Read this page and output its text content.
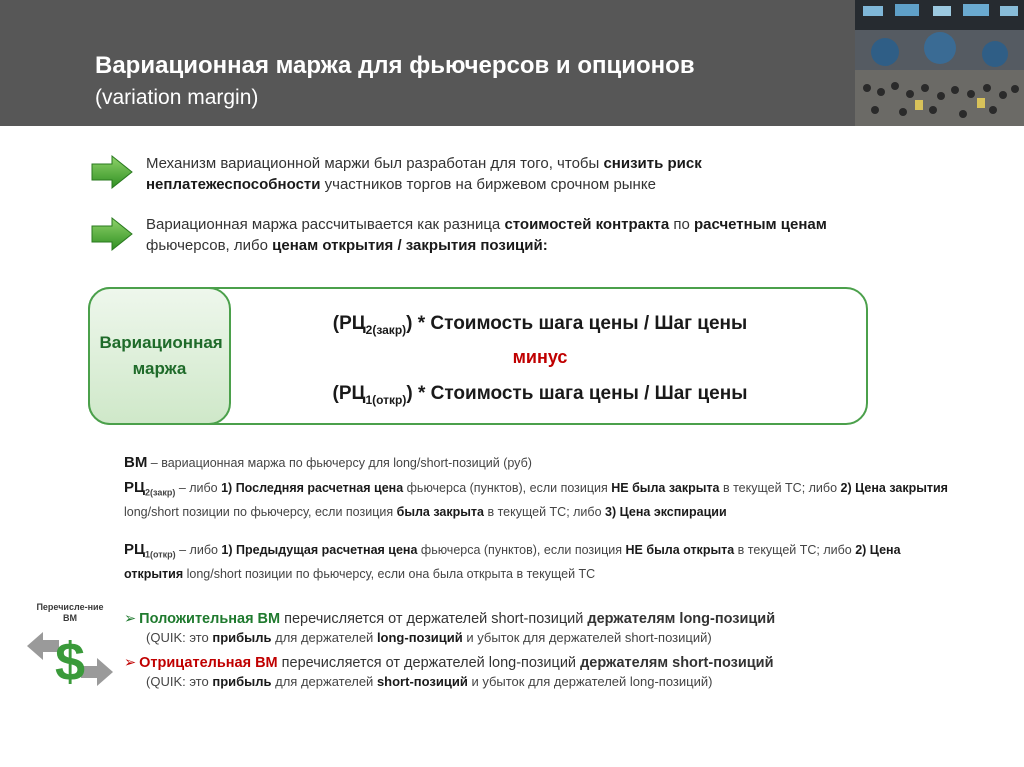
Вариационная маржа для фьючерсов и опционов
(variation margin)
Механизм вариационной маржи был разработан для того, чтобы снизить риск неплатежеспособности участников торгов на биржевом срочном рынке
Вариационная маржа рассчитывается как разница стоимостей контракта по расчетным ценам фьючерсов, либо ценам открытия / закрытия позиций:
Вариационная маржа
$(РЦ_{2(закр)})$ * Стоимость шага цены / Шаг цены
минус
$(РЦ_{1(откр)})$ * Стоимость шага цены / Шаг цены
ВМ – вариационная маржа по фьючерсу для long/short-позиций (руб)
$РЦ_{2(закр)}$ – либо 1) Последняя расчетная цена фьючерса (пунктов), если позиция НЕ была закрыта в текущей ТС; либо 2) Цена закрытия long/short позиции по фьючерсу, если позиция была закрыта в текущей ТС; либо 3) Цена экспирации
$РЦ_{1(откр)}$ – либо 1) Предыдущая расчетная цена фьючерса (пунктов), если позиция НЕ была открыта в текущей ТС; либо 2) Цена открытия long/short позиции по фьючерсу, если она была открыта в текущей ТС
Перечисле-ние ВМ
$
➢ Положительная ВМ перечисляется от держателей short-позиций держателям long-позиций
(QUIK: это прибыль для держателей long-позиций и убыток для держателей short-позиций)
➢ Отрицательная ВМ перечисляется от держателей long-позиций держателям short-позиций
(QUIK: это прибыль для держателей short-позиций и убыток для держателей long-позиций)
